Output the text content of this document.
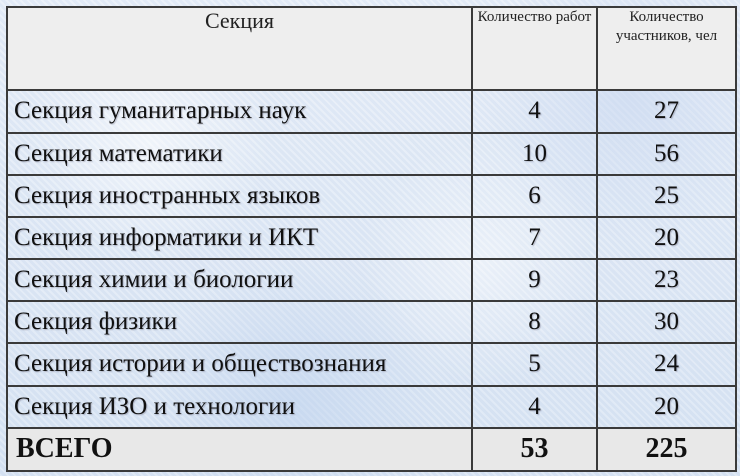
Секция	Количество работ	Количество участников, чел
Секция гуманитарных наук	4	27
Секция математики	10	56
Секция иностранных языков	6	25
Секция информатики и ИКТ	7	20
Секция химии и биологии	9	23
Секция физики	8	30
Секция истории и обществознания	5	24
Секция ИЗО и технологии	4	20
ВСЕГО	53	225
